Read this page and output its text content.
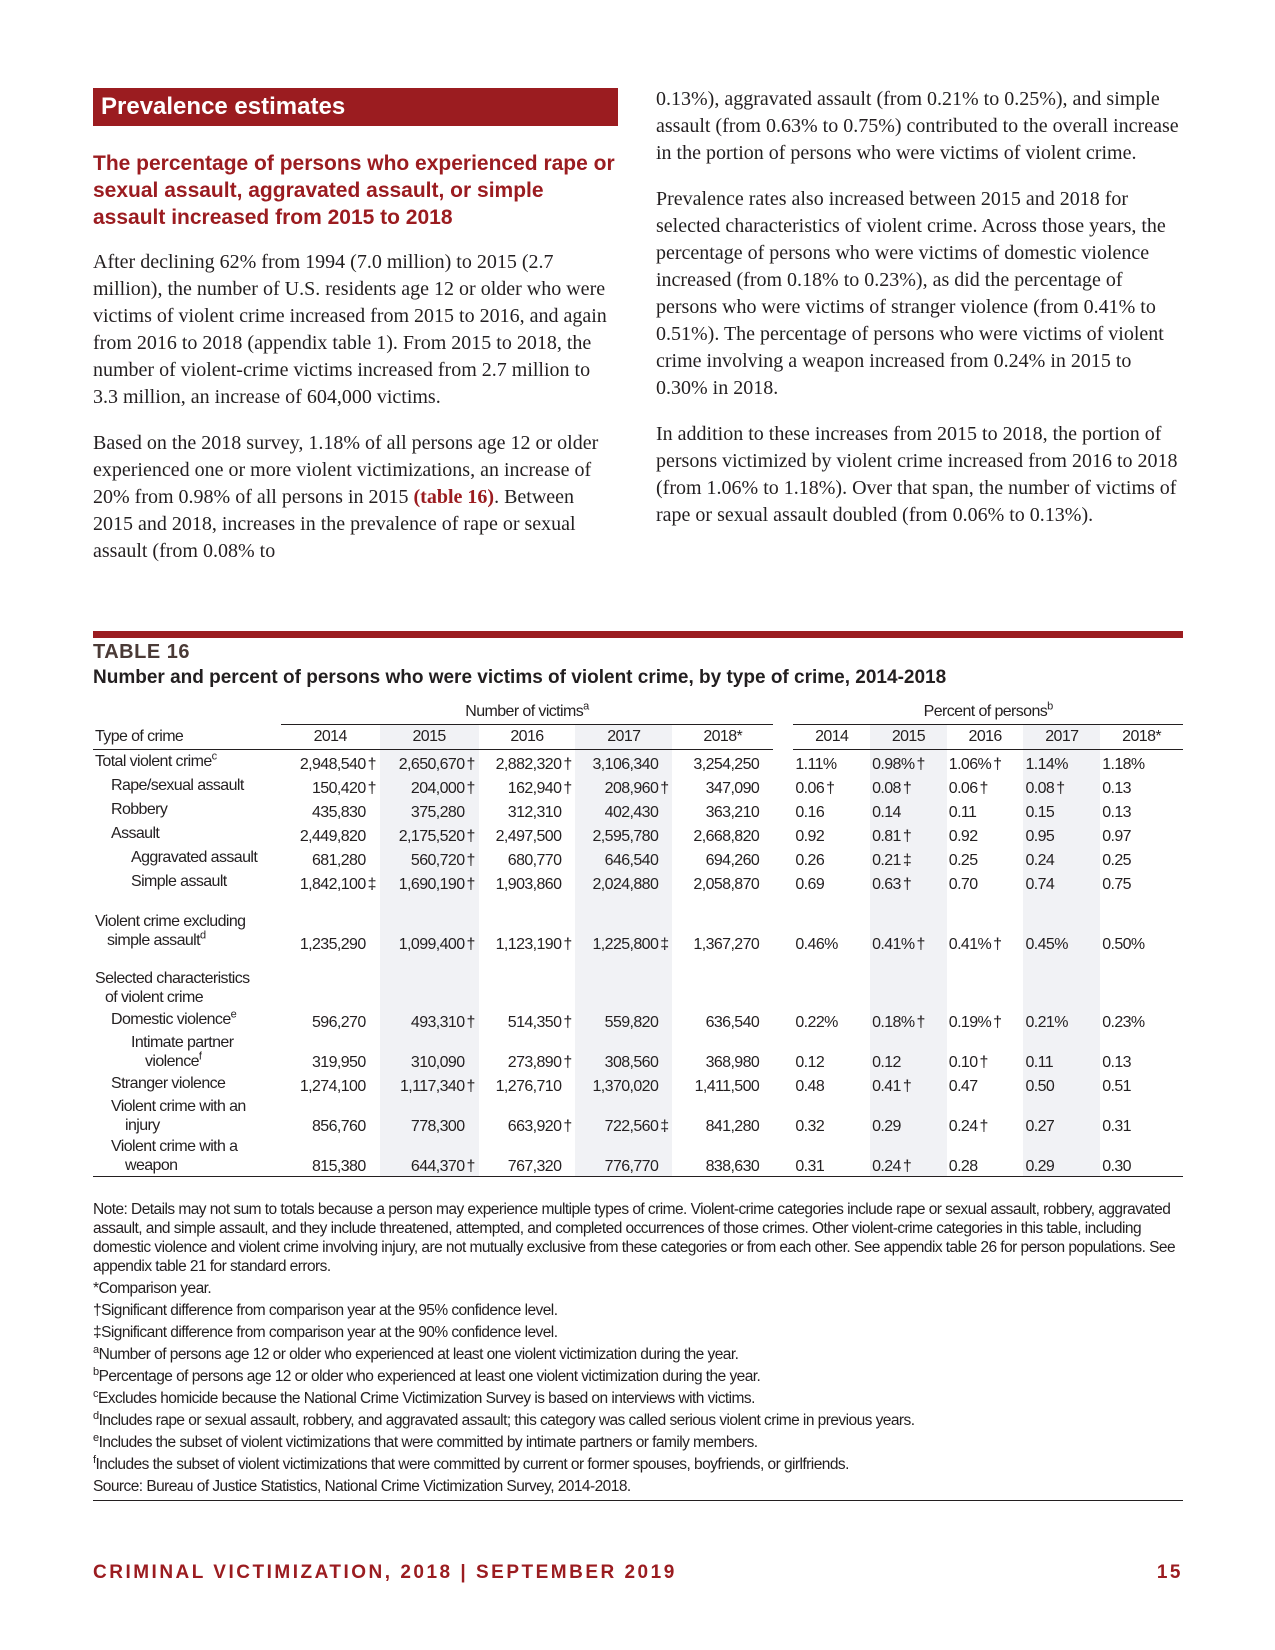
Prevalence estimates
The percentage of persons who experienced rape or sexual assault, aggravated assault, or simple assault increased from 2015 to 2018

After declining 62% from 1994 (7.0 million) to 2015 (2.7 million), the number of U.S. residents age 12 or older who were victims of violent crime increased from 2015 to 2016, and again from 2016 to 2018 (appendix table 1). From 2015 to 2018, the number of violent-crime victims increased from 2.7 million to 3.3 million, an increase of 604,000 victims.

Based on the 2018 survey, 1.18% of all persons age 12 or older experienced one or more violent victimizations, an increase of 20% from 0.98% of all persons in 2015 (table 16). Between 2015 and 2018, increases in the prevalence of rape or sexual assault (from 0.08% to

0.13%), aggravated assault (from 0.21% to 0.25%), and simple assault (from 0.63% to 0.75%) contributed to the overall increase in the portion of persons who were victims of violent crime.

Prevalence rates also increased between 2015 and 2018 for selected characteristics of violent crime. Across those years, the percentage of persons who were victims of domestic violence increased (from 0.18% to 0.23%), as did the percentage of persons who were victims of stranger violence (from 0.41% to 0.51%). The percentage of persons who were victims of violent crime involving a weapon increased from 0.24% in 2015 to 0.30% in 2018.

In addition to these increases from 2015 to 2018, the portion of persons victimized by violent crime increased from 2016 to 2018 (from 1.06% to 1.18%). Over that span, the number of victims of rape or sexual assault doubled (from 0.06% to 0.13%).

TABLE 16
Number and percent of persons who were victims of violent crime, by type of crime, 2014-2018
	Number of victims$^a$						Percent of persons$^b$
Type of crime	2014	2015	2016	2017	2018*		2014	2015	2016	2017	2018*
Total violent crime$^c$	2,948,540 †	2,650,670 †	2,882,320 †	3,106,340	3,254,250		1.11%	0.98% †	1.06% †	1.14%	1.18%
Rape/sexual assault	150,420 †	204,000 †	162,940 †	208,960 †	347,090		0.06 †	0.08 †	0.06 †	0.08 †	0.13
Robbery	435,830	375,280	312,310	402,430	363,210		0.16	0.14	0.11	0.15	0.13
Assault	2,449,820	2,175,520 †	2,497,500	2,595,780	2,668,820		0.92	0.81 †	0.92	0.95	0.97
Aggravated assault	681,280	560,720 †	680,770	646,540	694,260		0.26	0.21 ‡	0.25	0.24	0.25
Simple assault	1,842,100 ‡	1,690,190 †	1,903,860	2,024,880	2,058,870		0.69	0.63 †	0.70	0.74	0.75

Violent crime excluding
simple assault$^d$	1,235,290	1,099,400 †	1,123,190 †	1,225,800 ‡	1,367,270		0.46%	0.41% †	0.41% †	0.45%	0.50%

Selected characteristics
of violent crime											

Domestic violence$^e$	596,270	493,310 †	514,350 †	559,820	636,540		0.22%	0.18% †	0.19% †	0.21%	0.23%

Intimate partner
violence$^f$	319,950	310,090	273,890 †	308,560	368,980		0.12	0.12	0.10 †	0.11	0.13
Stranger violence	1,274,100	1,117,340 †	1,276,710	1,370,020	1,411,500		0.48	0.41 †	0.47	0.50	0.51

Violent crime with an
injury	856,760	778,300	663,920 †	722,560 ‡	841,280		0.32	0.29	0.24 †	0.27	0.31

Violent crime with a
weapon	815,380	644,370 †	767,320	776,770	838,630		0.31	0.24 †	0.28	0.29	0.30
Note: Details may not sum to totals because a person may experience multiple types of crime. Violent-crime categories include rape or sexual assault, robbery, aggravated assault, and simple assault, and they include threatened, attempted, and completed occurrences of those crimes. Other violent-crime categories in this table, including domestic violence and violent crime involving injury, are not mutually exclusive from these categories or from each other. See appendix table 26 for person populations. See appendix table 21 for standard errors.
*Comparison year.
†Significant difference from comparison year at the 95% confidence level.
‡Significant difference from comparison year at the 90% confidence level.
$^a$Number of persons age 12 or older who experienced at least one violent victimization during the year.
$^b$Percentage of persons age 12 or older who experienced at least one violent victimization during the year.
$^c$Excludes homicide because the National Crime Victimization Survey is based on interviews with victims.
$^d$Includes rape or sexual assault, robbery, and aggravated assault; this category was called serious violent crime in previous years.
$^e$Includes the subset of violent victimizations that were committed by intimate partners or family members.
$^f$Includes the subset of violent victimizations that were committed by current or former spouses, boyfriends, or girlfriends.
Source: Bureau of Justice Statistics, National Crime Victimization Survey, 2014-2018.
CRIMINAL VICTIMIZATION, 2018 | SEPTEMBER 2019	15
